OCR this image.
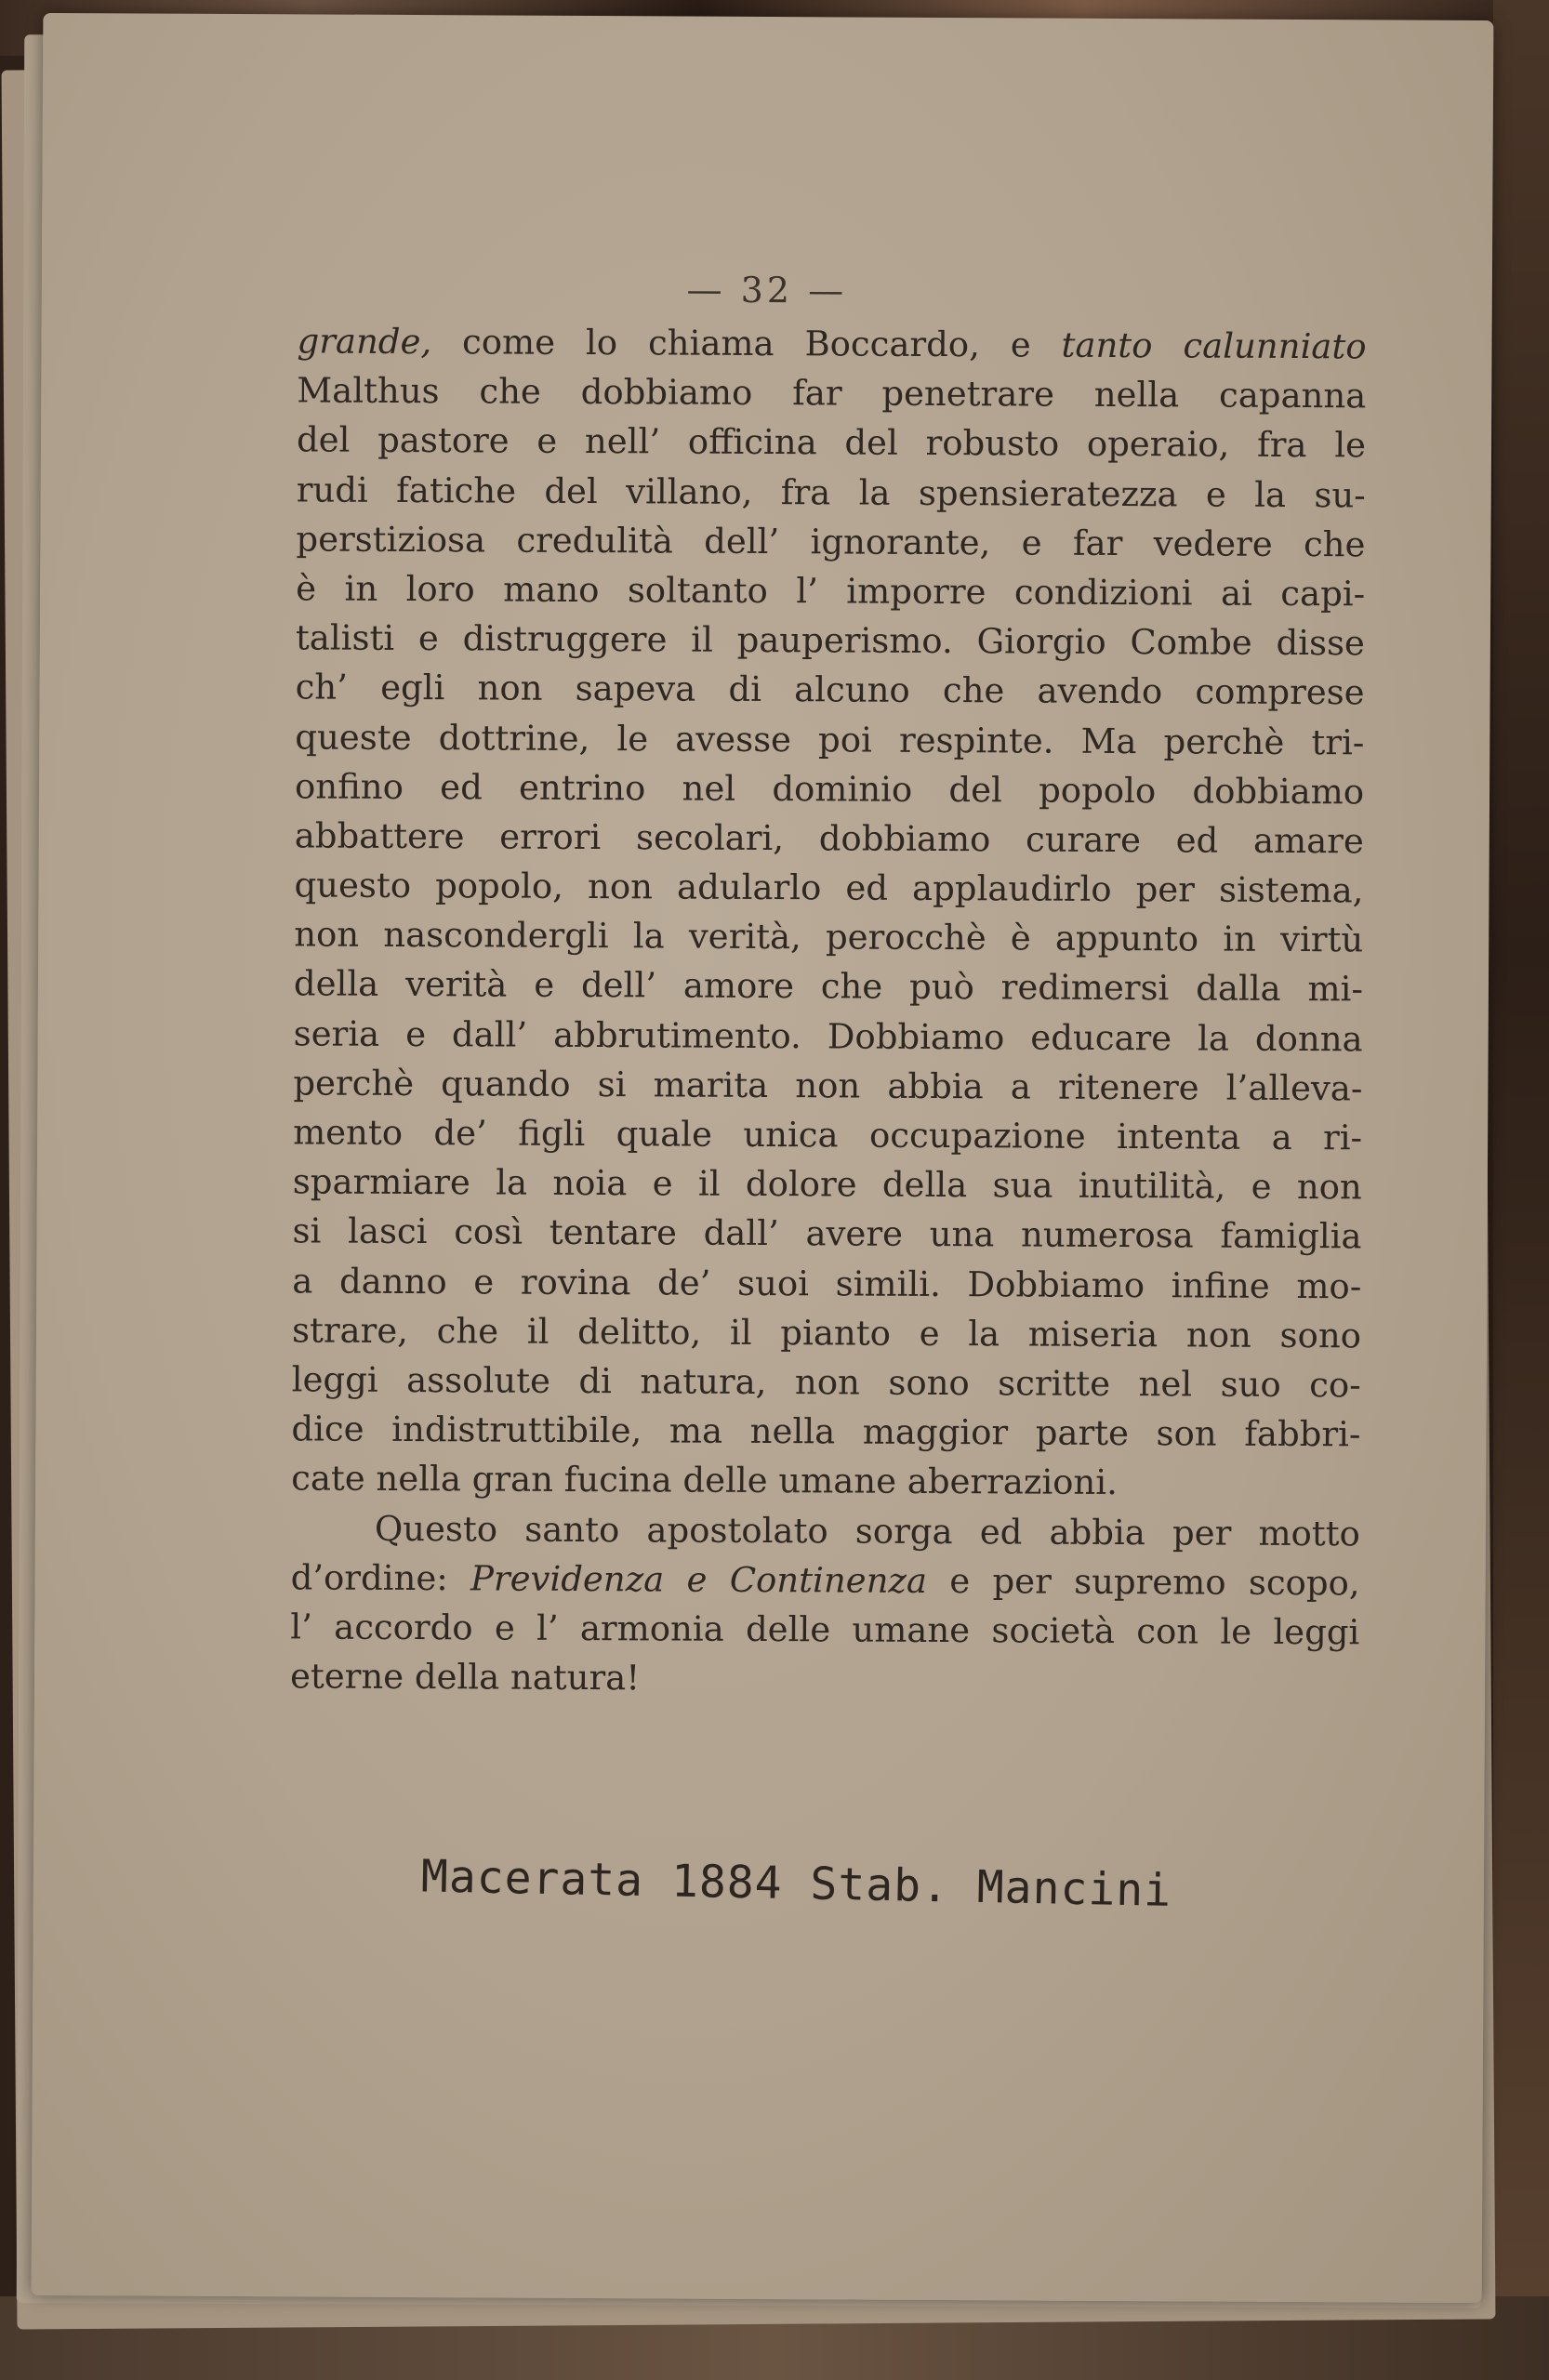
— 32 —
grande, come lo chiama Boccardo, e tanto calunniato
Malthus che dobbiamo far penetrare nella capanna
del pastore e nell’ officina del robusto operaio, fra le
rudi fatiche del villano, fra la spensieratezza e la su-
perstiziosa credulità dell’ ignorante, e far vedere che
è in loro mano soltanto l’ imporre condizioni ai capi-
talisti e distruggere il pauperismo. Giorgio Combe disse
ch’ egli non sapeva di alcuno che avendo comprese
queste dottrine, le avesse poi respinte. Ma perchè tri-
onfino ed entrino nel dominio del popolo dobbiamo
abbattere errori secolari, dobbiamo curare ed amare
questo popolo, non adularlo ed applaudirlo per sistema,
non nascondergli la verità, perocchè è appunto in virtù
della verità e dell’ amore che può redimersi dalla mi-
seria e dall’ abbrutimento. Dobbiamo educare la donna
perchè quando si marita non abbia a ritenere l’alleva-
mento de’ figli quale unica occupazione intenta a ri-
sparmiare la noia e il dolore della sua inutilità, e non
si lasci così tentare dall’ avere una numerosa famiglia
a danno e rovina de’ suoi simili. Dobbiamo infine mo-
strare, che il delitto, il pianto e la miseria non sono
leggi assolute di natura, non sono scritte nel suo co-
dice indistruttibile, ma nella maggior parte son fabbri-
cate nella gran fucina delle umane aberrazioni.
Questo santo apostolato sorga ed abbia per motto
d’ordine: Previdenza e Continenza e per supremo scopo,
l’ accordo e l’ armonia delle umane società con le leggi
eterne della natura!
Macerata 1884 Stab. Mancini
